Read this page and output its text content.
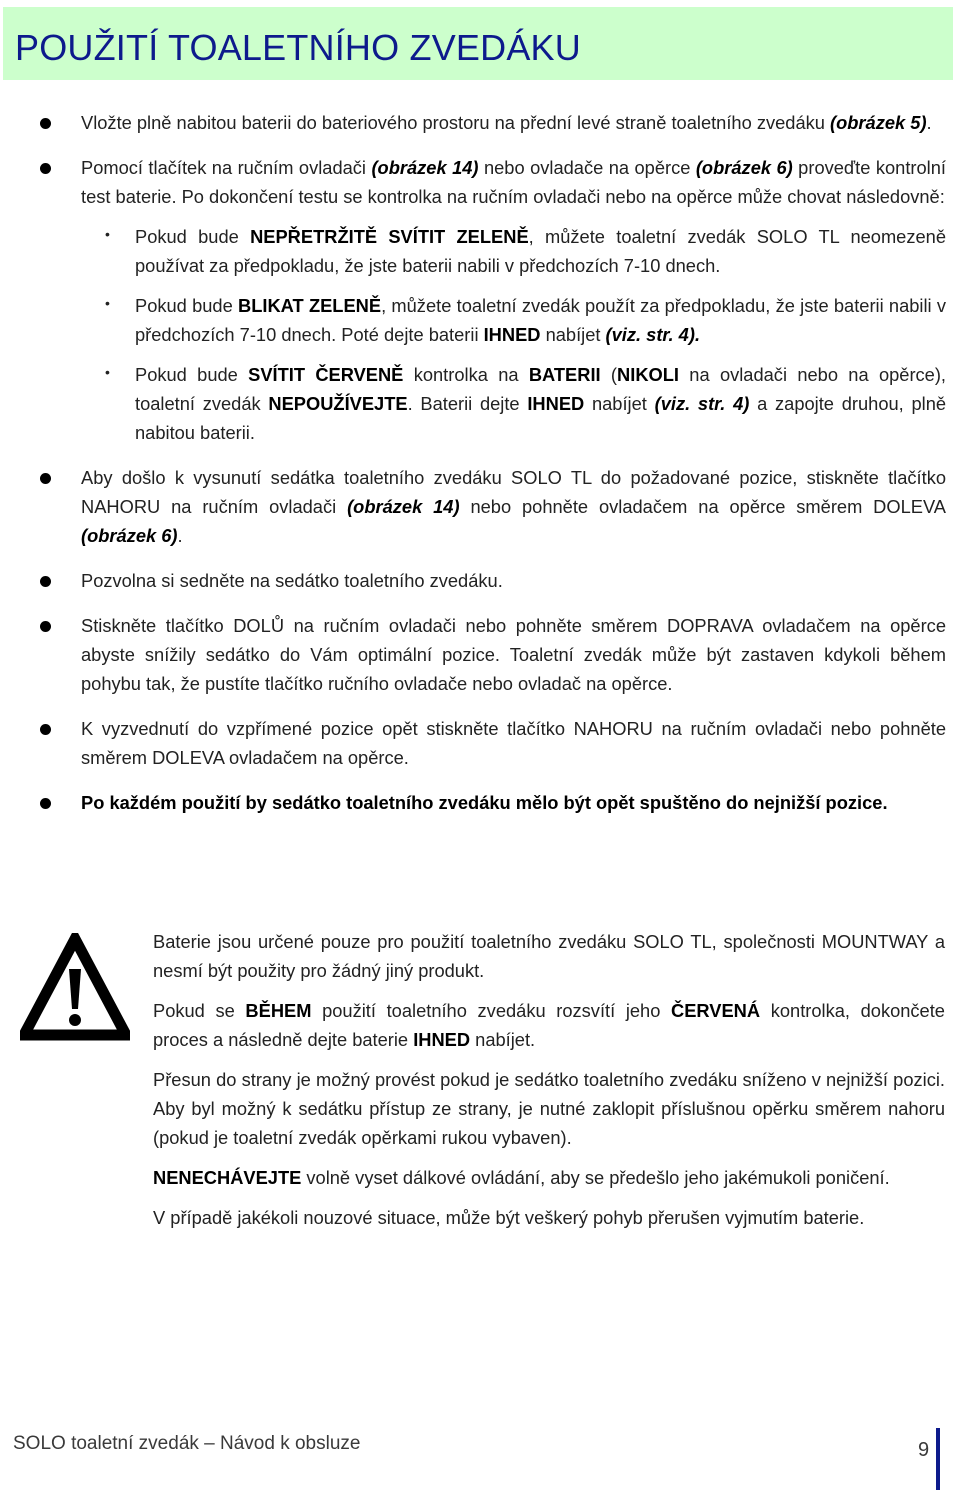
POUŽITÍ TOALETNÍHO ZVEDÁKU
Vložte plně nabitou baterii do bateriového prostoru na přední levé straně toaletního zvedáku (obrázek 5).
Pomocí tlačítek na ručním ovladači (obrázek 14) nebo ovladače na opěrce (obrázek 6) proveďte kontrolní test baterie. Po dokončení testu se kontrolka na ručním ovladači nebo na opěrce může chovat následovně:
• Pokud bude NEPŘETRŽITĚ SVÍTIT ZELENĚ, můžete toaletní zvedák SOLO TL neomezeně používat za předpokladu, že jste baterii nabili v předchozích 7-10 dnech.
• Pokud bude BLIKAT ZELENĚ, můžete toaletní zvedák použít za předpokladu, že jste baterii nabili v předchozích 7-10 dnech. Poté dejte baterii IHNED nabíjet (viz. str. 4).
• Pokud bude SVÍTIT ČERVENĚ kontrolka na BATERII (NIKOLI na ovladači nebo na opěrce), toaletní zvedák NEPOUŽÍVEJTE. Baterii dejte IHNED nabíjet (viz. str. 4) a zapojte druhou, plně nabitou baterii.
Aby došlo k vysunutí sedátka toaletního zvedáku SOLO TL do požadované pozice, stiskněte tlačítko NAHORU na ručním ovladači (obrázek 14) nebo pohněte ovladačem na opěrce směrem DOLEVA (obrázek 6).
Pozvolna si sedněte na sedátko toaletního zvedáku.
Stiskněte tlačítko DOLŮ na ručním ovladači nebo pohněte směrem DOPRAVA ovladačem na opěrce abyste snížily sedátko do Vám optimální pozice. Toaletní zvedák může být zastaven kdykoli během pohybu tak, že pustíte tlačítko ručního ovladače nebo ovladač na opěrce.
K vyzvednutí do vzpřímené pozice opět stiskněte tlačítko NAHORU na ručním ovladači nebo pohněte směrem DOLEVA ovladačem na opěrce.
Po každém použití by sedátko toaletního zvedáku mělo být opět spuštěno do nejnižší pozice.

Baterie jsou určené pouze pro použití toaletního zvedáku SOLO TL, společnosti MOUNTWAY a nesmí být použity pro žádný jiný produkt.

Pokud se BĚHEM použití toaletního zvedáku rozsvítí jeho ČERVENÁ kontrolka, dokončete proces a následně dejte baterie IHNED nabíjet.

Přesun do strany je možný provést pokud je sedátko toaletního zvedáku sníženo v nejnižší pozici. Aby byl možný k sedátku přístup ze strany, je nutné zaklopit příslušnou opěrku směrem nahoru (pokud je toaletní zvedák opěrkami rukou vybaven).

NENECHÁVEJTE volně vyset dálkové ovládání, aby se předešlo jeho jakémukoli poničení.

V případě jakékoli nouzové situace, může být veškerý pohyb přerušen vyjmutím baterie.

SOLO toaletní zvedák – Návod k obsluze	9
